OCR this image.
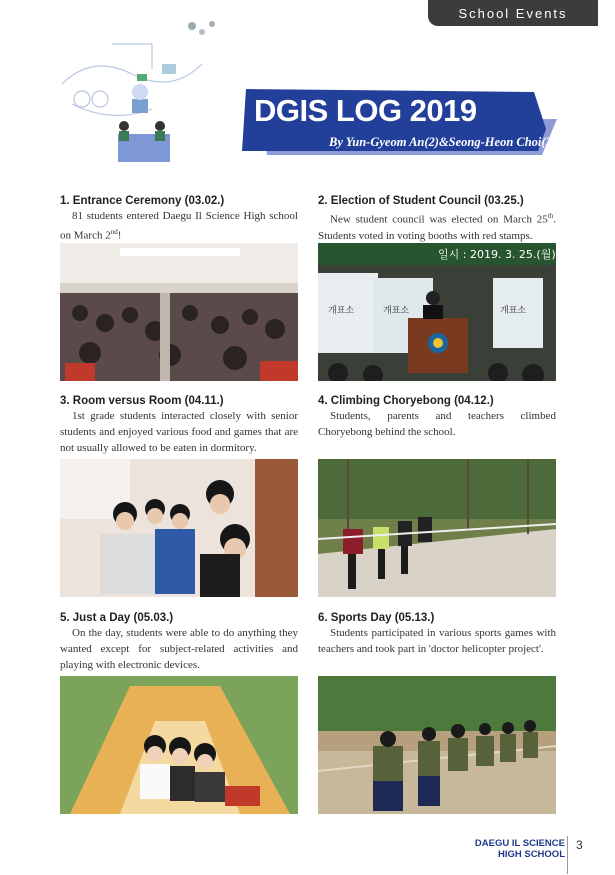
School Events
DGIS LOG 2019
By Yun-Gyeom An(2)&Seong-Heon Choi(2)
1. Entrance Ceremony (03.02.)
81 students entered Daegu Il Science High school on March 2nd!
2. Election of Student Council (03.25.)
New student council was elected on March 25th. Students voted in voting booths with red stamps.
일시 : 2019. 3. 25.(월)
개표소	개표소	개표소
3. Room versus Room (04.11.)
1st grade students interacted closely with senior students and enjoyed various food and games that are not usually allowed to be eaten in dormitory.
4. Climbing Choryebong (04.12.)
Students, parents and teachers climbed Choryebong behind the school.
5. Just a Day (05.03.)
On the day, students were able to do anything they wanted except for subject-related activities and playing with electronic devices.
6. Sports Day (05.13.)
Students participated in various sports games with teachers and took part in 'doctor helicopter project'.
DAEGU IL SCIENCE
HIGH SCHOOL
3
